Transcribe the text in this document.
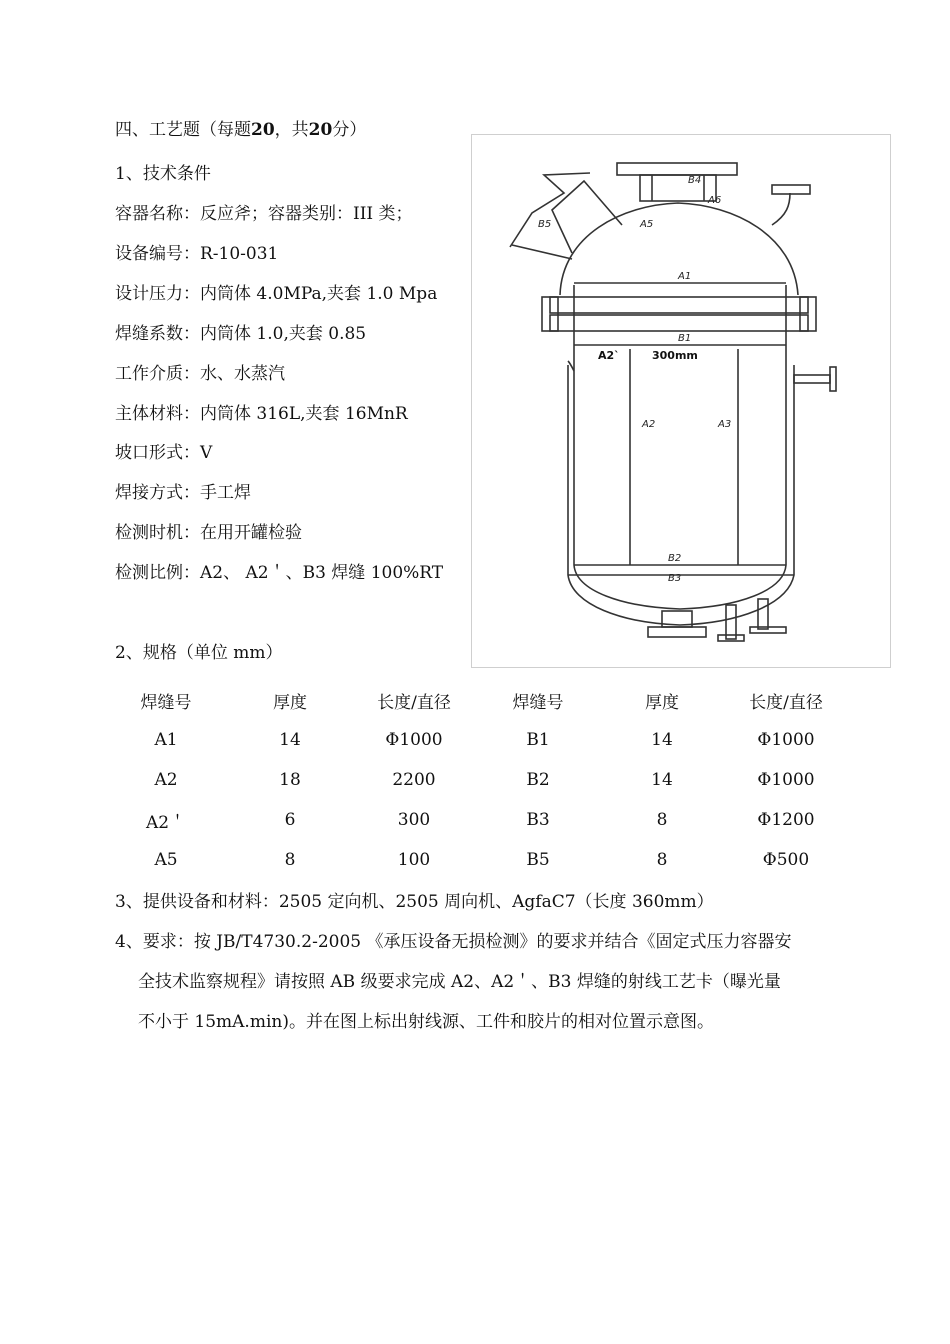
四、工艺题（每题20，共20分）
1、技术条件
容器名称：反应斧；容器类别：III 类；
设备编号：R-10-031
设计压力：内筒体 4.0MPa,夹套 1.0 Mpa
焊缝系数：内筒体 1.0,夹套 0.85
工作介质：水、水蒸汽
主体材料：内筒体 316L,夹套 16MnR
坡口形式：V
焊接方式：手工焊
检测时机：在用开罐检验
检测比例：A2、 A2＇、B3 焊缝 100%RT
B4
A6
B5	A5
A1
B1
A2`	300mm
A2	A3
B2
B3
2、规格（单位 mm）
焊缝号	厚度	长度/直径	焊缝号	厚度	长度/直径
A1	14	Φ1000	B1	14	Φ1000
A2	18	2200	B2	14	Φ1000
A2＇	6	300	B3	8	Φ1200
A5	8	100	B5	8	Φ500
3、提供设备和材料：2505 定向机、2505 周向机、AgfaC7（长度 360mm）
4、要求：按 JB/T4730.2-2005 《承压设备无损检测》的要求并结合《固定式压力容器安
全技术监察规程》请按照 AB 级要求完成 A2、A2＇、B3 焊缝的射线工艺卡（曝光量
不小于 15mA.min)。并在图上标出射线源、工件和胶片的相对位置示意图。
